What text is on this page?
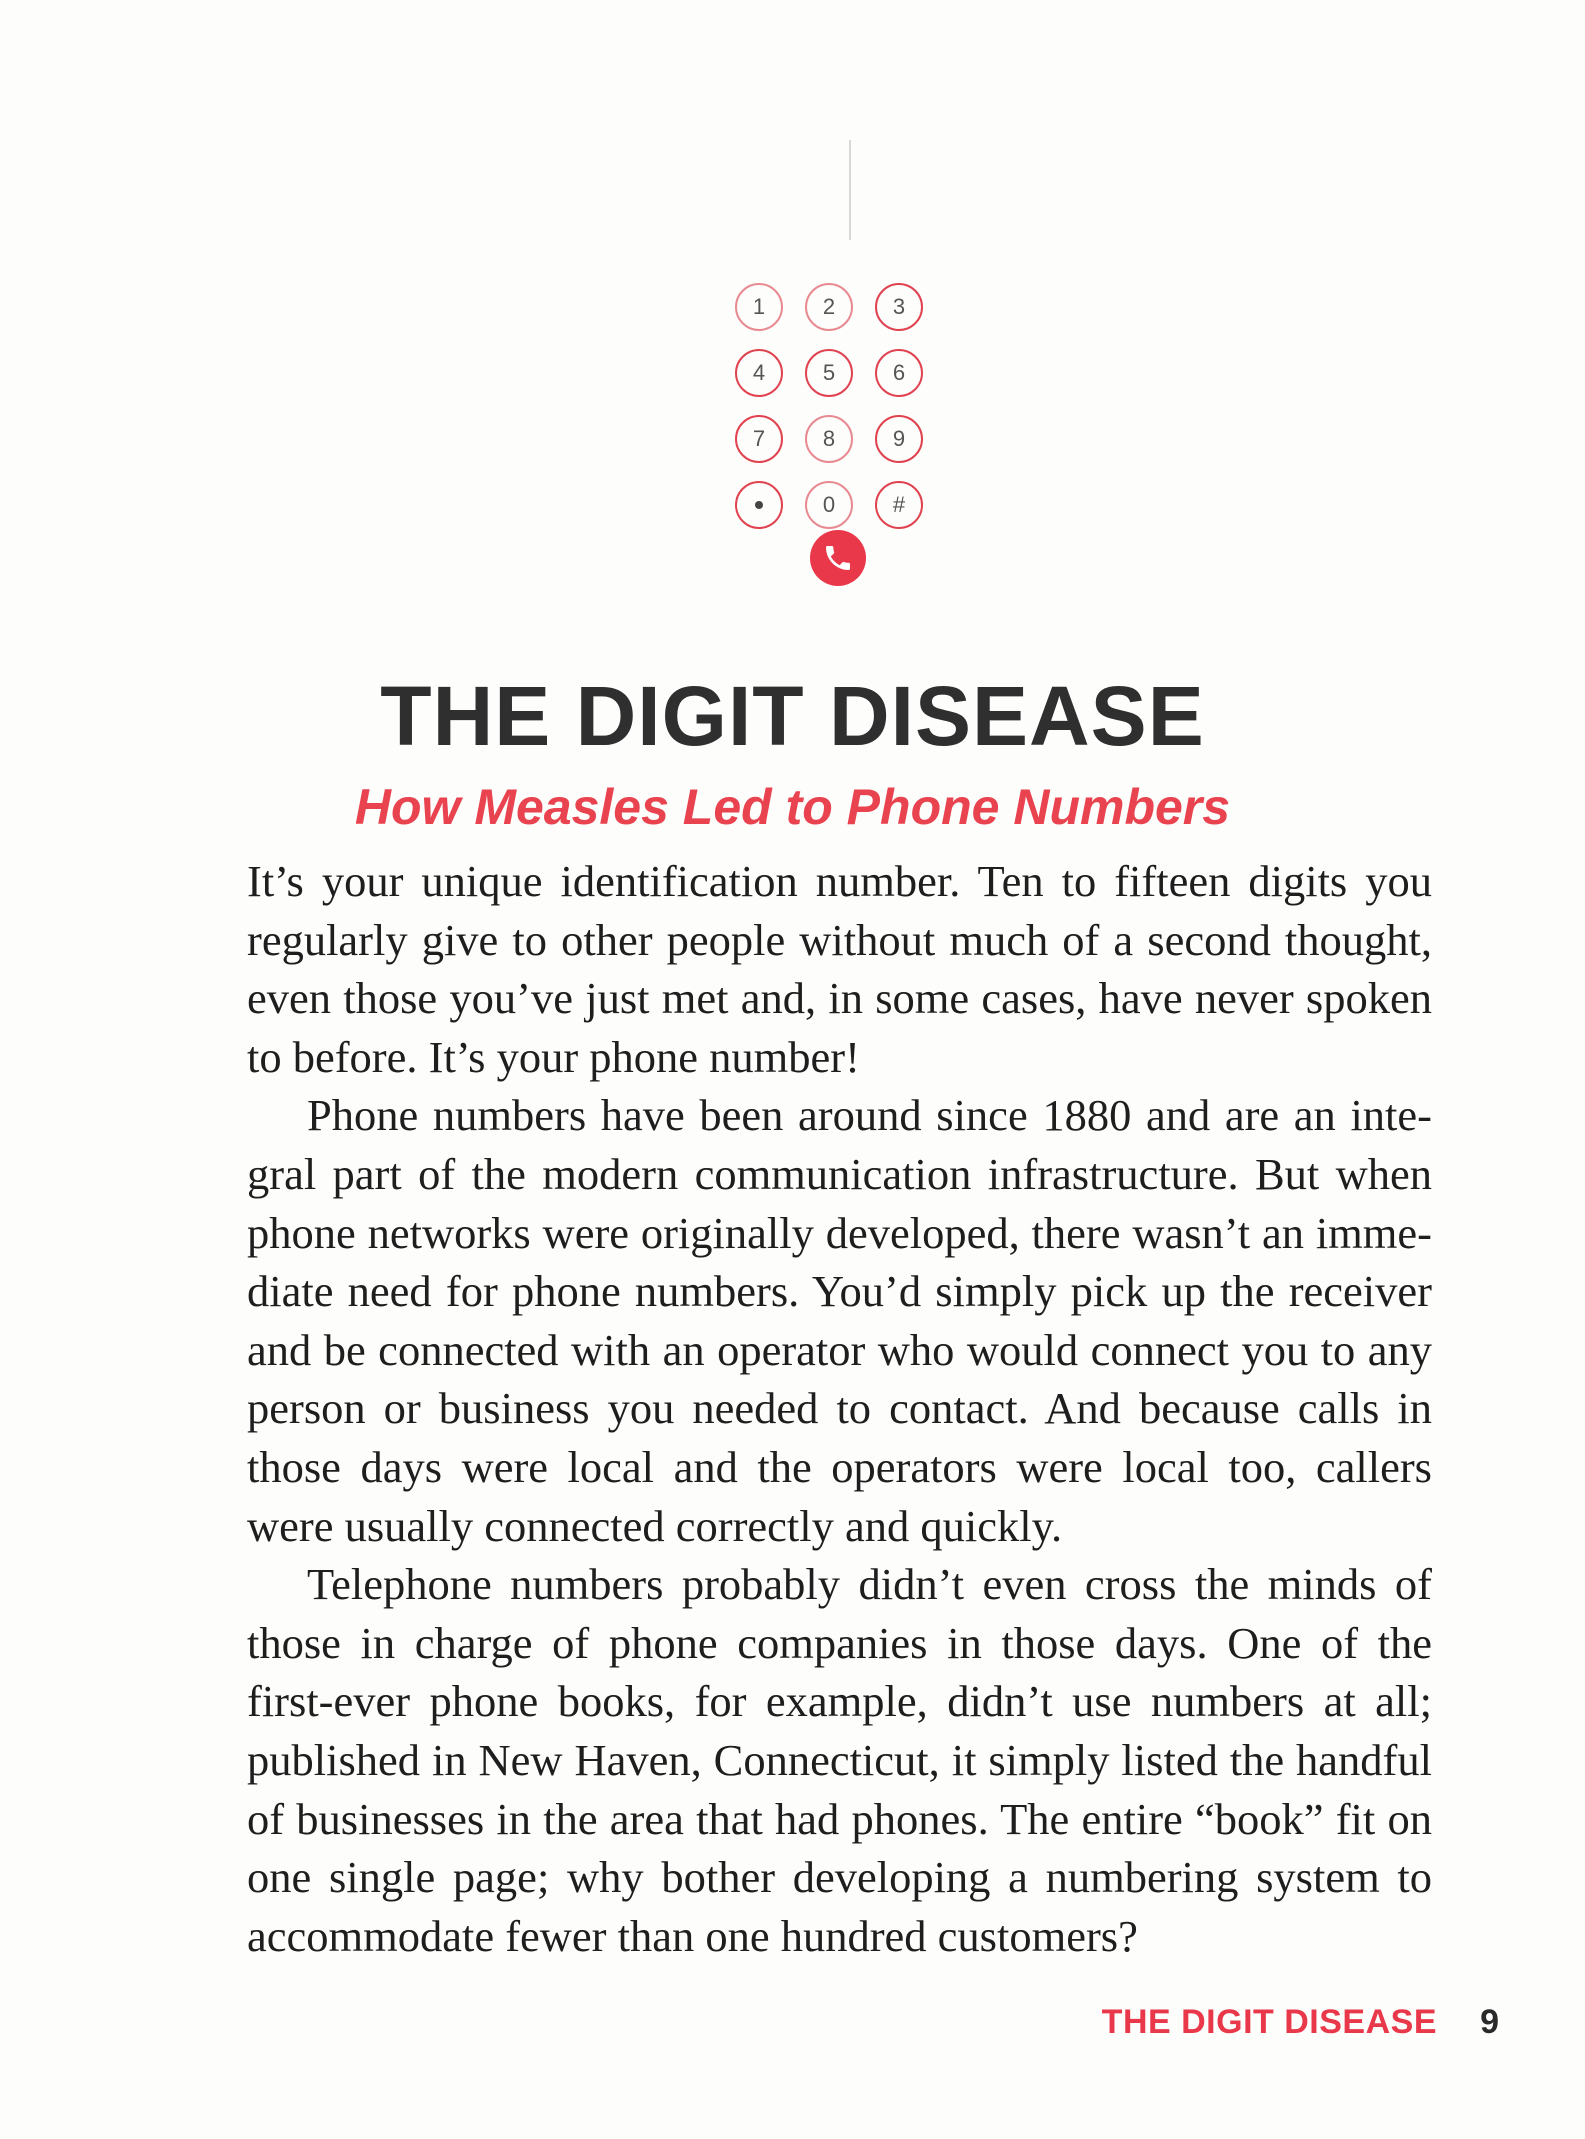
1	2	3
4	5	6
7	8	9
0	#
THE DIGIT DISEASE
How Measles Led to Phone Numbers

It’s your unique identification number. Ten to fifteen digits you regularly give to other people without much of a second thought, even those you’ve just met and, in some cases, have never spoken to before. It’s your phone number!

Phone numbers have been around since 1880 and are an integral part of the modern communication infrastructure. But when phone networks were originally developed, there wasn’t an immediate need for phone numbers. You’d simply pick up the receiver and be connected with an operator who would connect you to any person or business you needed to contact. And because calls in those days were local and the operators were local too, callers were usually connected correctly and quickly.

Telephone numbers probably didn’t even cross the minds of those in charge of phone companies in those days. One of the first-ever phone books, for example, didn’t use numbers at all; published in New Haven, Connecticut, it simply listed the handful of businesses in the area that had phones. The entire “book” fit on one single page; why bother developing a numbering system to accommodate fewer than one hundred customers?

THE DIGIT DISEASE 9
